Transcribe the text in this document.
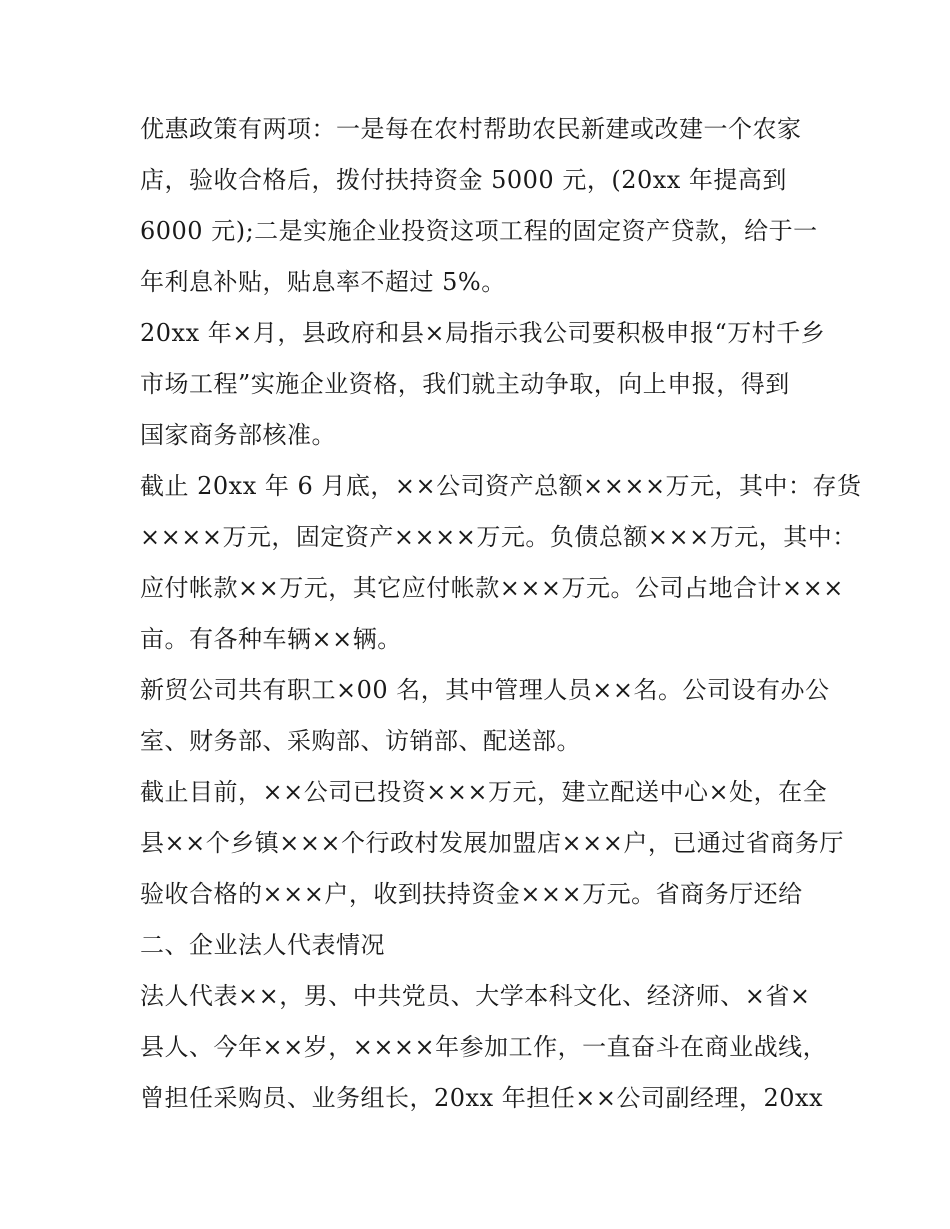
优惠政策有两项：一是每在农村帮助农民新建或改建一个农家
店，验收合格后，拨付扶持资金 5000 元，(20xx 年提高到
6000 元);二是实施企业投资这项工程的固定资产贷款，给于一
年利息补贴，贴息率不超过 5%。
20xx 年×月，县政府和县×局指示我公司要积极申报“万村千乡
市场工程”实施企业资格，我们就主动争取，向上申报，得到
国家商务部核准。
截止 20xx 年 6 月底，××公司资产总额××××万元，其中：存货
××××万元，固定资产××××万元。负债总额×××万元，其中：
应付帐款××万元，其它应付帐款×××万元。公司占地合计×××
亩。有各种车辆××辆。
新贸公司共有职工×00 名，其中管理人员××名。公司设有办公
室、财务部、采购部、访销部、配送部。
截止目前，××公司已投资×××万元，建立配送中心×处，在全
县××个乡镇×××个行政村发展加盟店×××户，已通过省商务厅
验收合格的×××户，收到扶持资金×××万元。省商务厅还给
二、企业法人代表情况
法人代表××，男、中共党员、大学本科文化、经济师、×省×
县人、今年××岁，××××年参加工作，一直奋斗在商业战线，
曾担任采购员、业务组长，20xx 年担任××公司副经理，20xx
